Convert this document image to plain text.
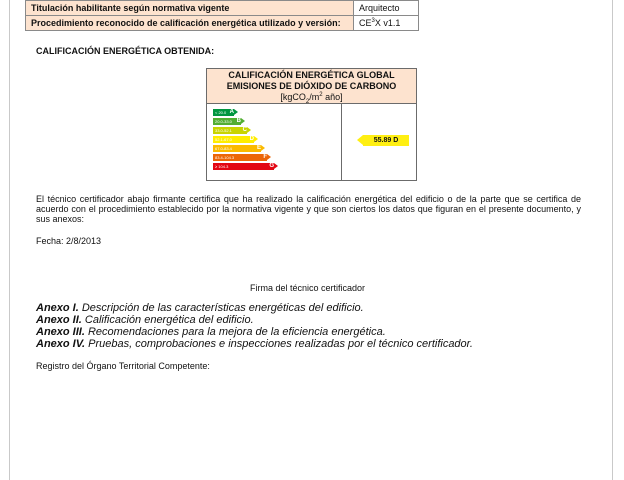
Titulación habilitante según normativa vigente	Arquitecto
Procedimiento reconocido de calificación energética utilizado y versión:	$CE^3X$ v1.1
CALIFICACIÓN ENERGÉTICA OBTENIDA:
CALIFICACIÓN ENERGÉTICA GLOBAL
EMISIONES DE DIÓXIDO DE CARBONO
[$kgCO_2/m^2$ año]
< 20.0 A
20.0-33.0 B
33.0-52.1 C
52.1-67.0	D
67.0-83.4	E
83.4-104.3	F
≥ 104.3	G
55.89 D
El técnico certificador abajo firmante certifica que ha realizado la calificación energética del edificio o de la parte que se certifica de acuerdo con el procedimiento establecido por la normativa vigente y que son ciertos los datos que figuran en el presente documento, y sus anexos:
Fecha: 2/8/2013
Firma del técnico certificador
Anexo I. Descripción de las características energéticas del edificio.
Anexo II. Calificación energética del edificio.
Anexo III. Recomendaciones para la mejora de la eficiencia energética.
Anexo IV. Pruebas, comprobaciones e inspecciones realizadas por el técnico certificador.
Registro del Órgano Territorial Competente:
